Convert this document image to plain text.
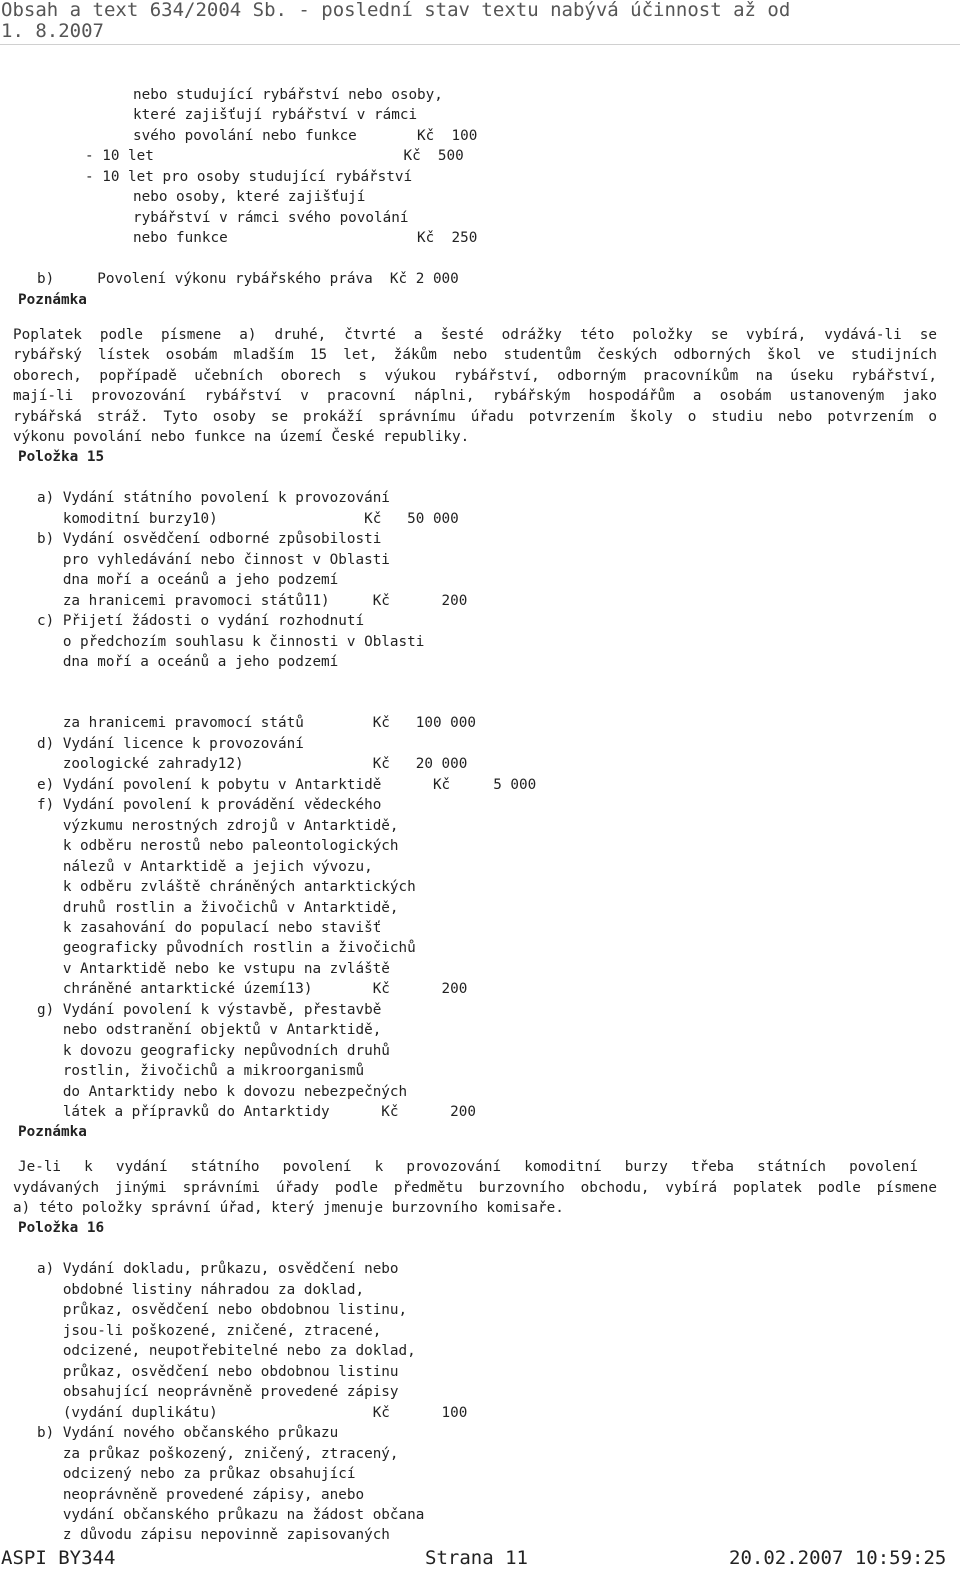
Obsah a text 634/2004 Sb. - poslední stav textu nabývá účinnost až od
1. 8.2007
nebo studující rybářství nebo osoby,
které zajišťují rybářství v rámci
svého povolání nebo funkce       Kč  100
- 10 let                             Kč  500
- 10 let pro osoby studující rybářství
nebo osoby, které zajišťují
rybářství v rámci svého povolání
nebo funkce                      Kč  250
b)     Povolení výkonu rybářského práva  Kč 2 000
Poznámka
Poplatek podle písmene a) druhé, čtvrté a šesté odrážky této položky se vybírá, vydává-li se
rybářský lístek osobám mladším 15 let, žákům nebo studentům českých odborných škol ve studijních
oborech, popřípadě učebních oborech s výukou rybářství, odborným pracovníkům na úseku rybářství,
mají-li provozování rybářství v pracovní náplni, rybářským hospodářům a osobám ustanoveným jako
rybářská stráž. Tyto osoby se prokáží správnímu úřadu potvrzením školy o studiu nebo potvrzením o
výkonu povolání nebo funkce na území České republiky.
Položka 15
a) Vydání státního povolení k provozování
komoditní burzy10)                 Kč   50 000
b) Vydání osvědčení odborné způsobilosti
pro vyhledávání nebo činnost v Oblasti
dna moří a oceánů a jeho podzemí
za hranicemi pravomoci států11)     Kč      200
c) Přijetí žádosti o vydání rozhodnutí
o předchozím souhlasu k činnosti v Oblasti
dna moří a oceánů a jeho podzemí
za hranicemi pravomocí států        Kč   100 000
d) Vydání licence k provozování
zoologické zahrady12)               Kč   20 000
e) Vydání povolení k pobytu v Antarktidě      Kč     5 000
f) Vydání povolení k provádění vědeckého
výzkumu nerostných zdrojů v Antarktidě,
k odběru nerostů nebo paleontologických
nálezů v Antarktidě a jejich vývozu,
k odběru zvláště chráněných antarktických
druhů rostlin a živočichů v Antarktidě,
k zasahování do populací nebo stavišť
geograficky původních rostlin a živočichů
v Antarktidě nebo ke vstupu na zvláště
chráněné antarktické území13)       Kč      200
g) Vydání povolení k výstavbě, přestavbě
nebo odstranění objektů v Antarktidě,
k dovozu geograficky nepůvodních druhů
rostlin, živočichů a mikroorganismů
do Antarktidy nebo k dovozu nebezpečných
látek a přípravků do Antarktidy      Kč      200
Poznámka
Je-li k vydání státního povolení k provozování komoditní burzy třeba státních povolení
vydávaných jinými správními úřady podle předmětu burzovního obchodu, vybírá poplatek podle písmene
a) této položky správní úřad, který jmenuje burzovního komisaře.
Položka 16
a) Vydání dokladu, průkazu, osvědčení nebo
obdobné listiny náhradou za doklad,
průkaz, osvědčení nebo obdobnou listinu,
jsou-li poškozené, zničené, ztracené,
odcizené, neupotřebitelné nebo za doklad,
průkaz, osvědčení nebo obdobnou listinu
obsahující neoprávněně provedené zápisy
(vydání duplikátu)                  Kč      100
b) Vydání nového občanského průkazu
za průkaz poškozený, zničený, ztracený,
odcizený nebo za průkaz obsahující
neoprávněně provedené zápisy, anebo
vydání občanského průkazu na žádost občana
z důvodu zápisu nepovinně zapisovaných
ASPI BY344	Strana 11	20.02.2007 10:59:25
